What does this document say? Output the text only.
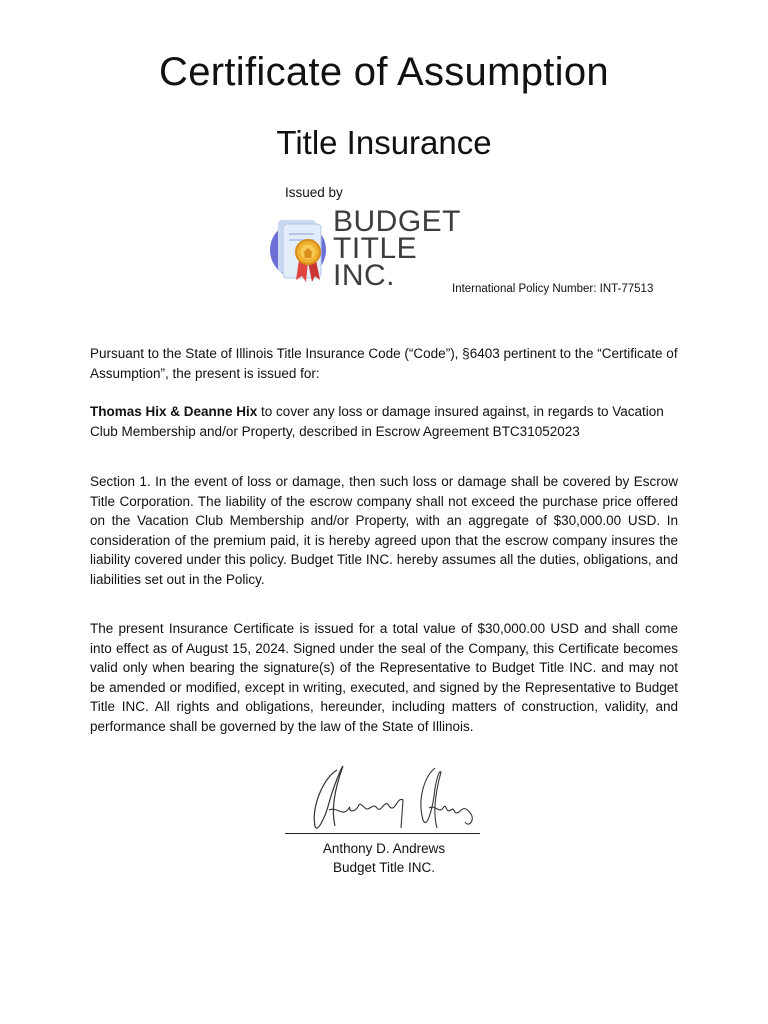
Certificate of Assumption
Title Insurance
Issued by
BUDGET
TITLE
INC.	International Policy Number: INT-77513

Pursuant to the State of Illinois Title Insurance Code (“Code”), §6403 pertinent to the “Certificate of Assumption”, the present is issued for:

Thomas Hix & Deanne Hix to cover any loss or damage insured against, in regards to Vacation Club Membership and/or Property, described in Escrow Agreement BTC31052023

Section 1. In the event of loss or damage, then such loss or damage shall be covered by Escrow Title Corporation. The liability of the escrow company shall not exceed the purchase price offered on the Vacation Club Membership and/or Property, with an aggregate of $30,000.00 USD. In consideration of the premium paid, it is hereby agreed upon that the escrow company insures the liability covered under this policy. Budget Title INC. hereby assumes all the duties, obligations, and liabilities set out in the Policy.

The present Insurance Certificate is issued for a total value of $30,000.00 USD and shall come into effect as of August 15, 2024. Signed under the seal of the Company, this Certificate becomes valid only when bearing the signature(s) of the Representative to Budget Title INC. and may not be amended or modified, except in writing, executed, and signed by the Representative to Budget Title INC. All rights and obligations, hereunder, including matters of construction, validity, and performance shall be governed by the law of the State of Illinois.

Anthony D. Andrews
Budget Title INC.
